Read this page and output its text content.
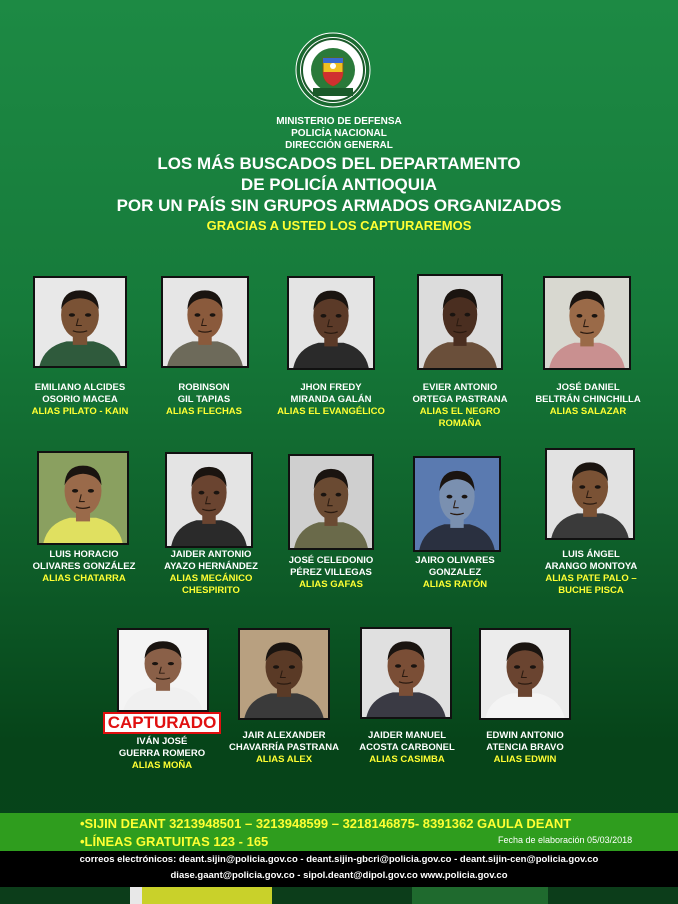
MINISTERIO DE DEFENSA
POLICÍA NACIONAL
DIRECCIÓN GENERAL
LOS MÁS BUSCADOS DEL DEPARTAMENTO
DE POLICÍA ANTIOQUIA
POR UN PAÍS SIN GRUPOS ARMADOS ORGANIZADOS
GRACIAS A USTED LOS CAPTURAREMOS
EMILIANO ALCIDES
OSORIO MACEA
ALIAS PILATO - KAIN
ROBINSON
GIL TAPIAS
ALIAS FLECHAS
JHON FREDY
MIRANDA GALÁN
ALIAS EL EVANGÉLICO
EVIER ANTONIO
ORTEGA PASTRANA
ALIAS EL NEGRO
ROMAÑA
JOSÉ DANIEL
BELTRÁN CHINCHILLA
ALIAS SALAZAR
LUIS HORACIO
OLIVARES GONZÁLEZ
ALIAS CHATARRA
JAIDER ANTONIO
AYAZO HERNÁNDEZ
ALIAS MECÁNICO
CHESPIRITO
JOSÉ CELEDONIO
PÉREZ VILLEGAS
ALIAS GAFAS
JAIRO OLIVARES
GONZALEZ
ALIAS RATÓN
LUIS ÁNGEL
ARANGO MONTOYA
ALIAS PATE PALO –
BUCHE PISCA
IVÁN JOSÉ
GUERRA ROMERO
ALIAS MOÑA
JAIR ALEXANDER
CHAVARRÍA PASTRANA
ALIAS ALEX
JAIDER MANUEL
ACOSTA CARBONEL
ALIAS CASIMBA
EDWIN ANTONIO
ATENCIA BRAVO
ALIAS EDWIN
CAPTURADO
•SIJIN DEANT 3213948501 – 3213948599 – 3218146875- 8391362 GAULA DEANT
•LÍNEAS GRATUITAS 123 - 165	Fecha de elaboración 05/03/2018
correos electrónicos: deant.sijin@policia.gov.co - deant.sijin-gbcri@policia.gov.co - deant.sijin-cen@policia.gov.co
diase.gaant@policia.gov.co - sipol.deant@dipol.gov.co www.policia.gov.co
